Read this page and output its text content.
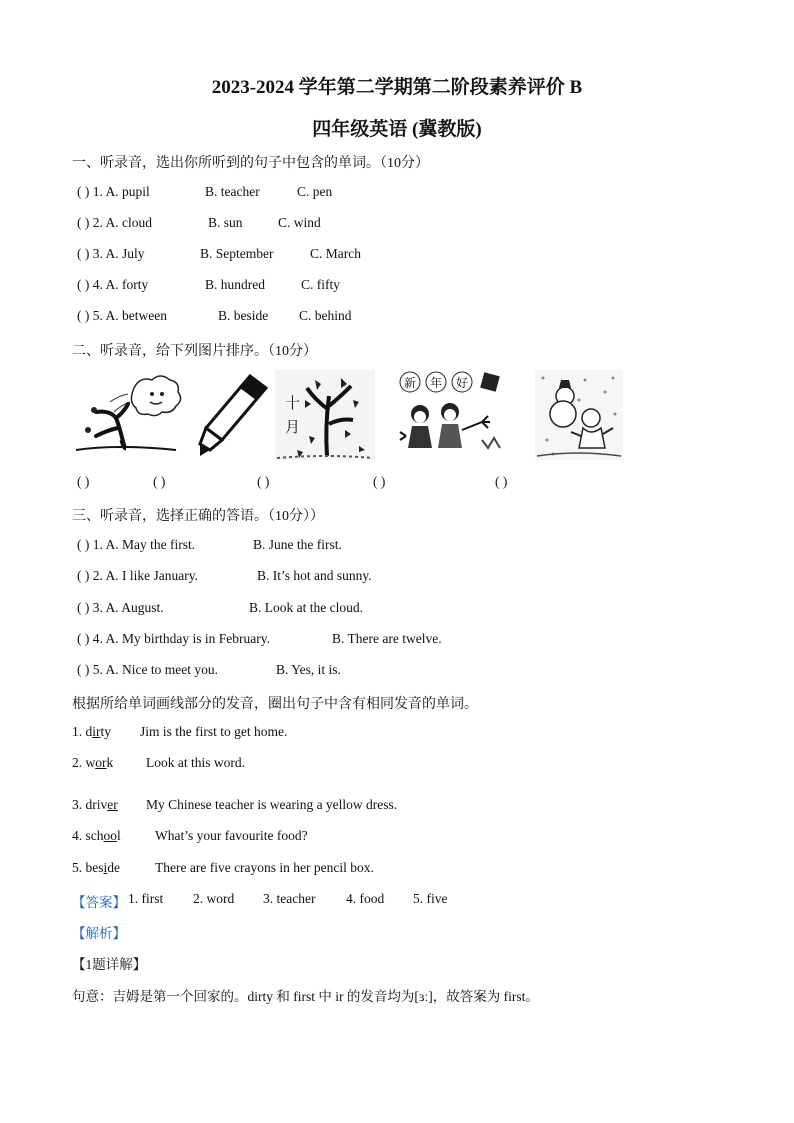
2023-2024 学年第二学期第二阶段素养评价 B
四年级英语 (冀教版)
一、听录音，选出你所听到的句子中包含的单词。（10分）
( ) 1. A. pupil	B. teacher	C. pen
( ) 2. A. cloud	B. sun	C. wind
( ) 3. A. July	B. September	C. March
( ) 4. A. forty	B. hundred	C. fifty
( ) 5. A. between	B. beside C. behind
二、听录音，给下列图片排序。（10分）
十
月
新 年 好
( )	( )	( )	( )	( )
三、听录音，选择正确的答语。（10分））
( ) 1. A. May the first.	B. June the first.
( ) 2. A. I like January.	B. It’s hot and sunny.
( ) 3. A. August.	B. Look at the cloud.
( ) 4. A. My birthday is in February.	B. There are twelve.
( ) 5. A. Nice to meet you.	B. Yes, it is.
根据所给单词画线部分的发音，圈出句子中含有相同发音的单词。
1. dirty Jim is the first to get home.
2. work Look at this word.
3. driver My Chinese teacher is wearing a yellow dress.
4. school	What’s your favourite food?
5. beside	There are five crayons in her pencil box.
【答案】 1. first 2. word 3. teacher 4. food 5. five
【解析】
【1题详解】
句意：吉姆是第一个回家的。dirty 和 first 中 ir 的发音均为[ɜː]，故答案为 first。
